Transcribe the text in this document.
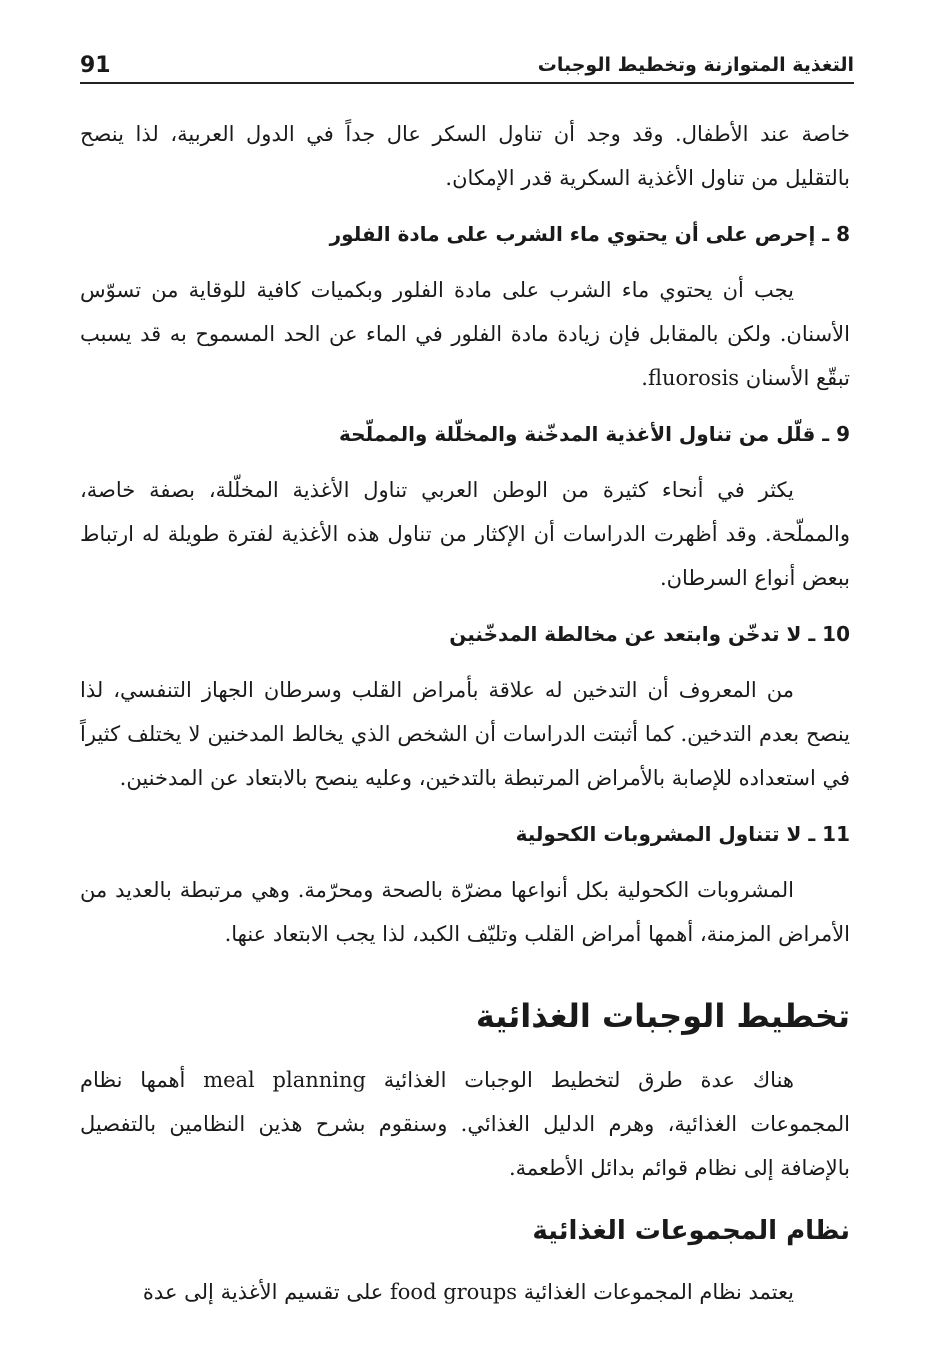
التغذية المتوازنة وتخطيط الوجبات
91

خاصة عند الأطفال. وقد وجد أن تناول السكر عال جداً في الدول العربية، لذا ينصح بالتقليل من تناول الأغذية السكرية قدر الإمكان.

8 ـ إحرص على أن يحتوي ماء الشرب على مادة الفلور

يجب أن يحتوي ماء الشرب على مادة الفلور وبكميات كافية للوقاية من تسوّس الأسنان. ولكن بالمقابل فإن زيادة مادة الفلور في الماء عن الحد المسموح به قد يسبب تبقّع الأسنان fluorosis.

9 ـ قلّل من تناول الأغذية المدخّنة والمخلّلة والمملّحة

يكثر في أنحاء كثيرة من الوطن العربي تناول الأغذية المخلّلة، بصفة خاصة، والمملّحة. وقد أظهرت الدراسات أن الإكثار من تناول هذه الأغذية لفترة طويلة له ارتباط ببعض أنواع السرطان.

10 ـ لا تدخّن وابتعد عن مخالطة المدخّنين

من المعروف أن التدخين له علاقة بأمراض القلب وسرطان الجهاز التنفسي، لذا ينصح بعدم التدخين. كما أثبتت الدراسات أن الشخص الذي يخالط المدخنين لا يختلف كثيراً في استعداده للإصابة بالأمراض المرتبطة بالتدخين، وعليه ينصح بالابتعاد عن المدخنين.

11 ـ لا تتناول المشروبات الكحولية

المشروبات الكحولية بكل أنواعها مضرّة بالصحة ومحرّمة. وهي مرتبطة بالعديد من الأمراض المزمنة، أهمها أمراض القلب وتليّف الكبد، لذا يجب الابتعاد عنها.

تخطيط الوجبات الغذائية

هناك عدة طرق لتخطيط الوجبات الغذائية meal planning أهمها نظام المجموعات الغذائية، وهرم الدليل الغذائي. وسنقوم بشرح هذين النظامين بالتفصيل بالإضافة إلى نظام قوائم بدائل الأطعمة.

نظام المجموعات الغذائية

يعتمد نظام المجموعات الغذائية food groups على تقسيم الأغذية إلى عدة
